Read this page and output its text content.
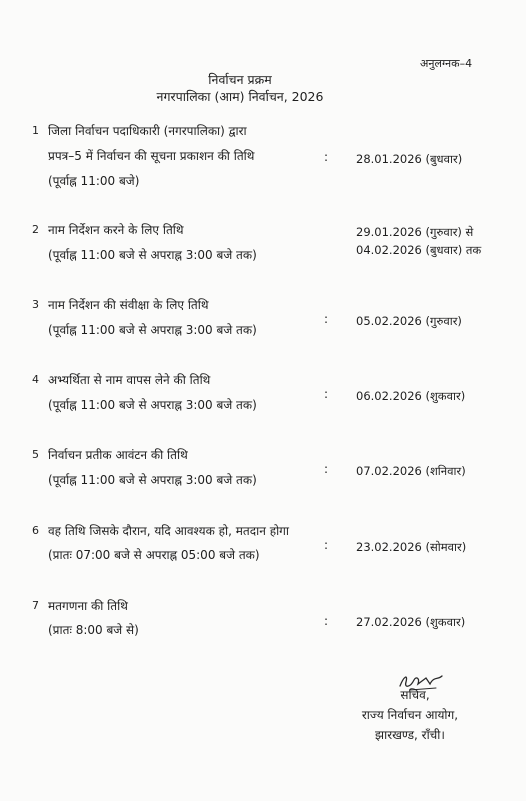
अनुलग्नक–4
निर्वाचन प्रक्रम
नगरपालिका (आम) निर्वाचन, 2026
1 जिला निर्वाचन पदाधिकारी (नगरपालिका) द्वारा
प्रपत्र–5 में निर्वाचन की सूचना प्रकाशन की तिथि
(पूर्वाह्न 11:00 बजे)
: 28.01.2026 (बुधवार)
2 नाम निर्देशन करने के लिए तिथि
(पूर्वाह्न 11:00 बजे से अपराह्न 3:00 बजे तक)
29.01.2026 (गुरुवार) से
04.02.2026 (बुधवार) तक
3 नाम निर्देशन की संवीक्षा के लिए तिथि
(पूर्वाह्न 11:00 बजे से अपराह्न 3:00 बजे तक)
: 05.02.2026 (गुरुवार)
4 अभ्यर्थिता से नाम वापस लेने की तिथि
(पूर्वाह्न 11:00 बजे से अपराह्न 3:00 बजे तक)
: 06.02.2026 (शुकवार)
5 निर्वाचन प्रतीक आवंटन की तिथि
(पूर्वाह्न 11:00 बजे से अपराह्न 3:00 बजे तक)
: 07.02.2026 (शनिवार)
6 वह तिथि जिसके दौरान, यदि आवश्यक हो, मतदान होगा
(प्रातः 07:00 बजे से अपराह्न 05:00 बजे तक)
: 23.02.2026 (सोमवार)
7 मतगणना की तिथि
(प्रातः 8:00 बजे से)
: 27.02.2026 (शुकवार)
सचिव,
राज्य निर्वाचन आयोग,
झारखण्ड, राँची।
